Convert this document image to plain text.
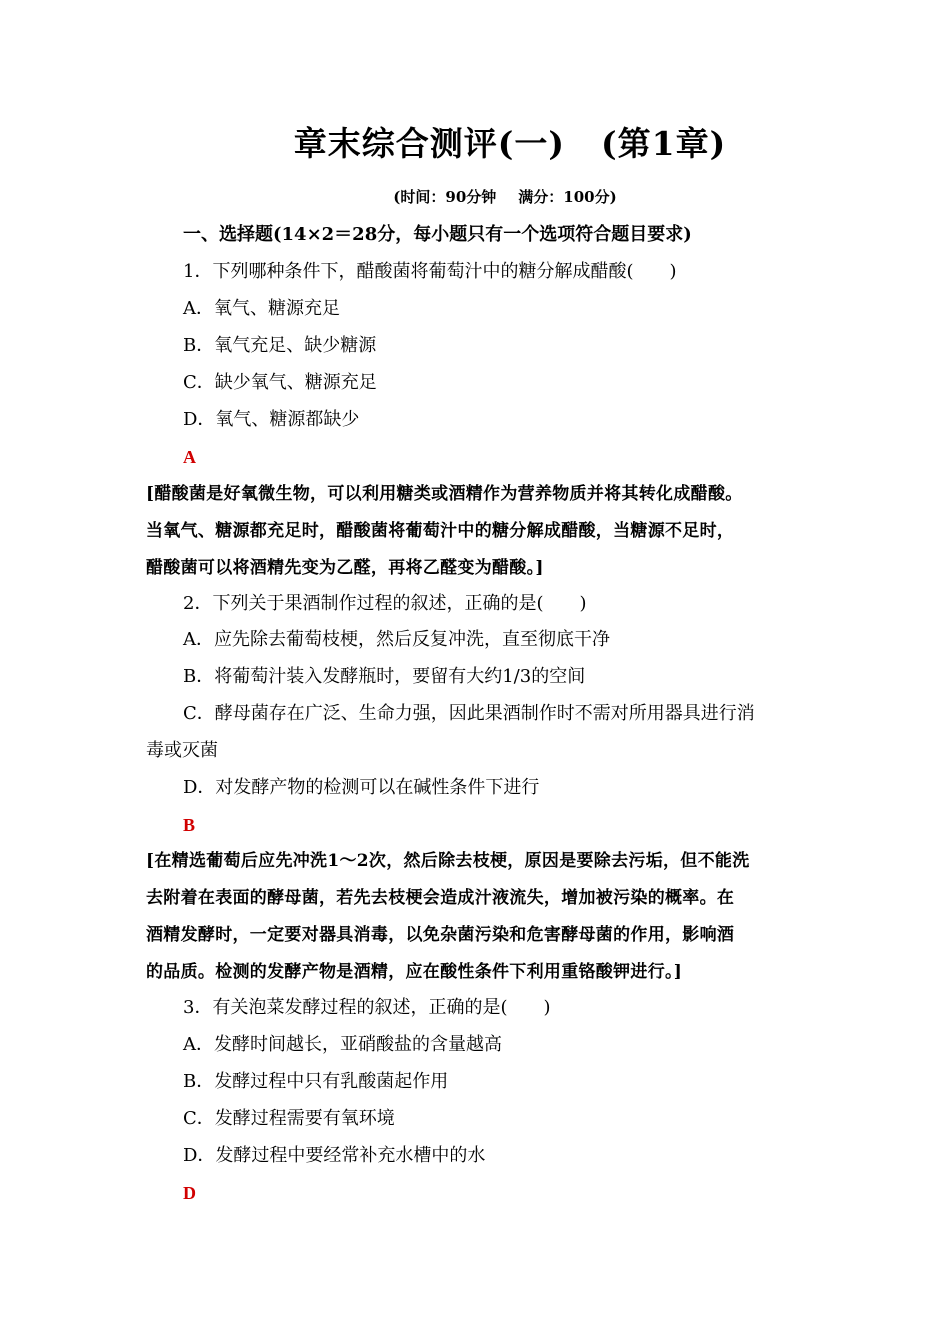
章末综合测评(一) (第1章)
(时间：90分钟 满分：100分)
一、选择题(14×2＝28分，每小题只有一个选项符合题目要求)
1．下列哪种条件下，醋酸菌将葡萄汁中的糖分解成醋酸(　　)
A．氧气、糖源充足
B．氧气充足、缺少糖源
C．缺少氧气、糖源充足
D．氧气、糖源都缺少
A
[醋酸菌是好氧微生物，可以利用糖类或酒精作为营养物质并将其转化成醋酸。
当氧气、糖源都充足时，醋酸菌将葡萄汁中的糖分解成醋酸，当糖源不足时，
醋酸菌可以将酒精先变为乙醛，再将乙醛变为醋酸。]
2．下列关于果酒制作过程的叙述，正确的是(　　)
A．应先除去葡萄枝梗，然后反复冲洗，直至彻底干净
B．将葡萄汁装入发酵瓶时，要留有大约1/3的空间
C．酵母菌存在广泛、生命力强，因此果酒制作时不需对所用器具进行消
毒或灭菌
D．对发酵产物的检测可以在碱性条件下进行
B
[在精选葡萄后应先冲洗1～2次，然后除去枝梗，原因是要除去污垢，但不能洗
去附着在表面的酵母菌，若先去枝梗会造成汁液流失，增加被污染的概率。在
酒精发酵时，一定要对器具消毒，以免杂菌污染和危害酵母菌的作用，影响酒
的品质。检测的发酵产物是酒精，应在酸性条件下利用重铬酸钾进行。]
3．有关泡菜发酵过程的叙述，正确的是(　　)
A．发酵时间越长，亚硝酸盐的含量越高
B．发酵过程中只有乳酸菌起作用
C．发酵过程需要有氧环境
D．发酵过程中要经常补充水槽中的水
D
